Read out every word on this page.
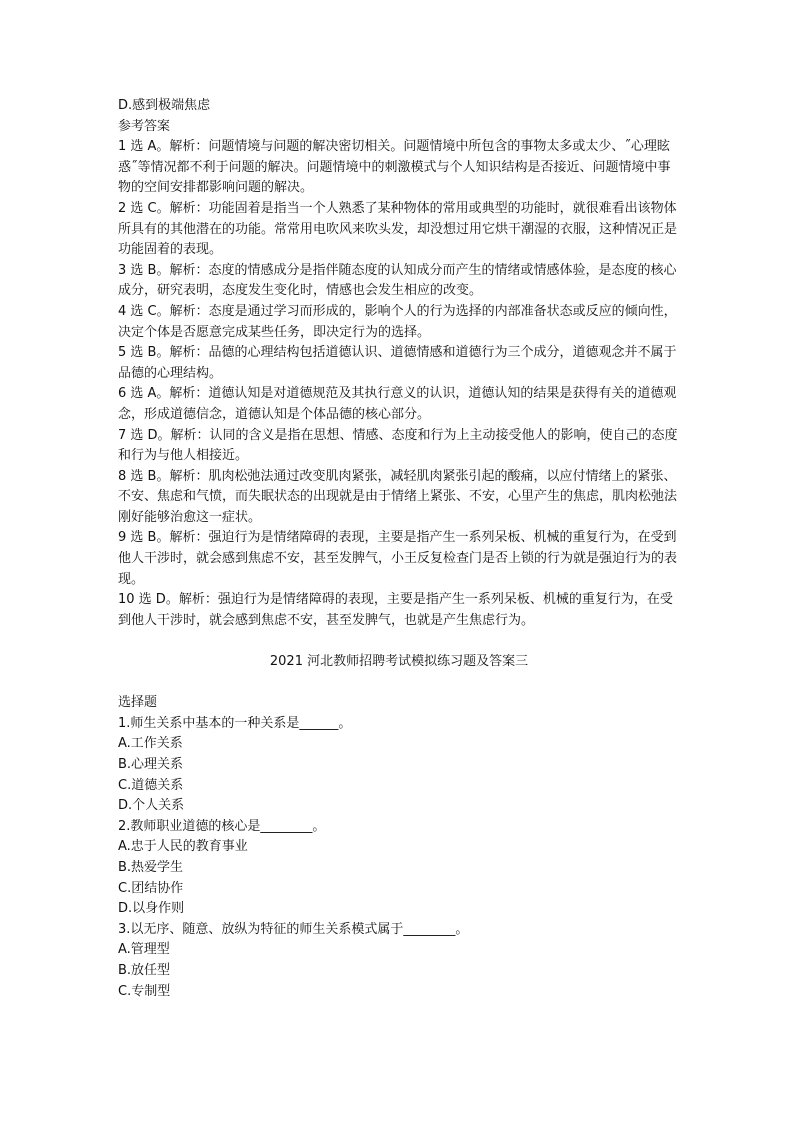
D.感到极端焦虑

参考答案

1 选 A。解析：问题情境与问题的解决密切相关。问题情境中所包含的事物太多或太少、˝心理眩惑˝等情况都不利于问题的解决。问题情境中的刺激模式与个人知识结构是否接近、问题情境中事物的空间安排都影响问题的解决。

2 选 C。解析：功能固着是指当一个人熟悉了某种物体的常用或典型的功能时，就很难看出该物体所具有的其他潜在的功能。常常用电吹风来吹头发，却没想过用它烘干潮湿的衣服，这种情况正是功能固着的表现。

3 选 B。解析：态度的情感成分是指伴随态度的认知成分而产生的情绪或情感体验，是态度的核心成分，研究表明，态度发生变化时，情感也会发生相应的改变。

4 选 C。解析：态度是通过学习而形成的，影响个人的行为选择的内部准备状态或反应的倾向性，决定个体是否愿意完成某些任务，即决定行为的选择。

5 选 B。解析：品德的心理结构包括道德认识、道德情感和道德行为三个成分，道德观念并不属于品德的心理结构。

6 选 A。解析：道德认知是对道德规范及其执行意义的认识，道德认知的结果是获得有关的道德观念，形成道德信念，道德认知是个体品德的核心部分。

7 选 D。解析：认同的含义是指在思想、情感、态度和行为上主动接受他人的影响，使自己的态度和行为与他人相接近。

8 选 B。解析：肌肉松弛法通过改变肌肉紧张，减轻肌肉紧张引起的酸痛，以应付情绪上的紧张、不安、焦虑和气愤，而失眠状态的出现就是由于情绪上紧张、不安，心里产生的焦虑，肌肉松弛法刚好能够治愈这一症状。

9 选 B。解析：强迫行为是情绪障碍的表现，主要是指产生一系列呆板、机械的重复行为，在受到他人干涉时，就会感到焦虑不安，甚至发脾气，小王反复检查门是否上锁的行为就是强迫行为的表现。

10 选 D。解析：强迫行为是情绪障碍的表现，主要是指产生一系列呆板、机械的重复行为，在受到他人干涉时，就会感到焦虑不安，甚至发脾气，也就是产生焦虑行为。

2021 河北教师招聘考试模拟练习题及答案三

选择题

1.师生关系中基本的一种关系是______。

A.工作关系

B.心理关系

C.道德关系

D.个人关系

2.教师职业道德的核心是________。

A.忠于人民的教育事业

B.热爱学生

C.团结协作

D.以身作则

3.以无序、随意、放纵为特征的师生关系模式属于________。

A.管理型

B.放任型

C.专制型
